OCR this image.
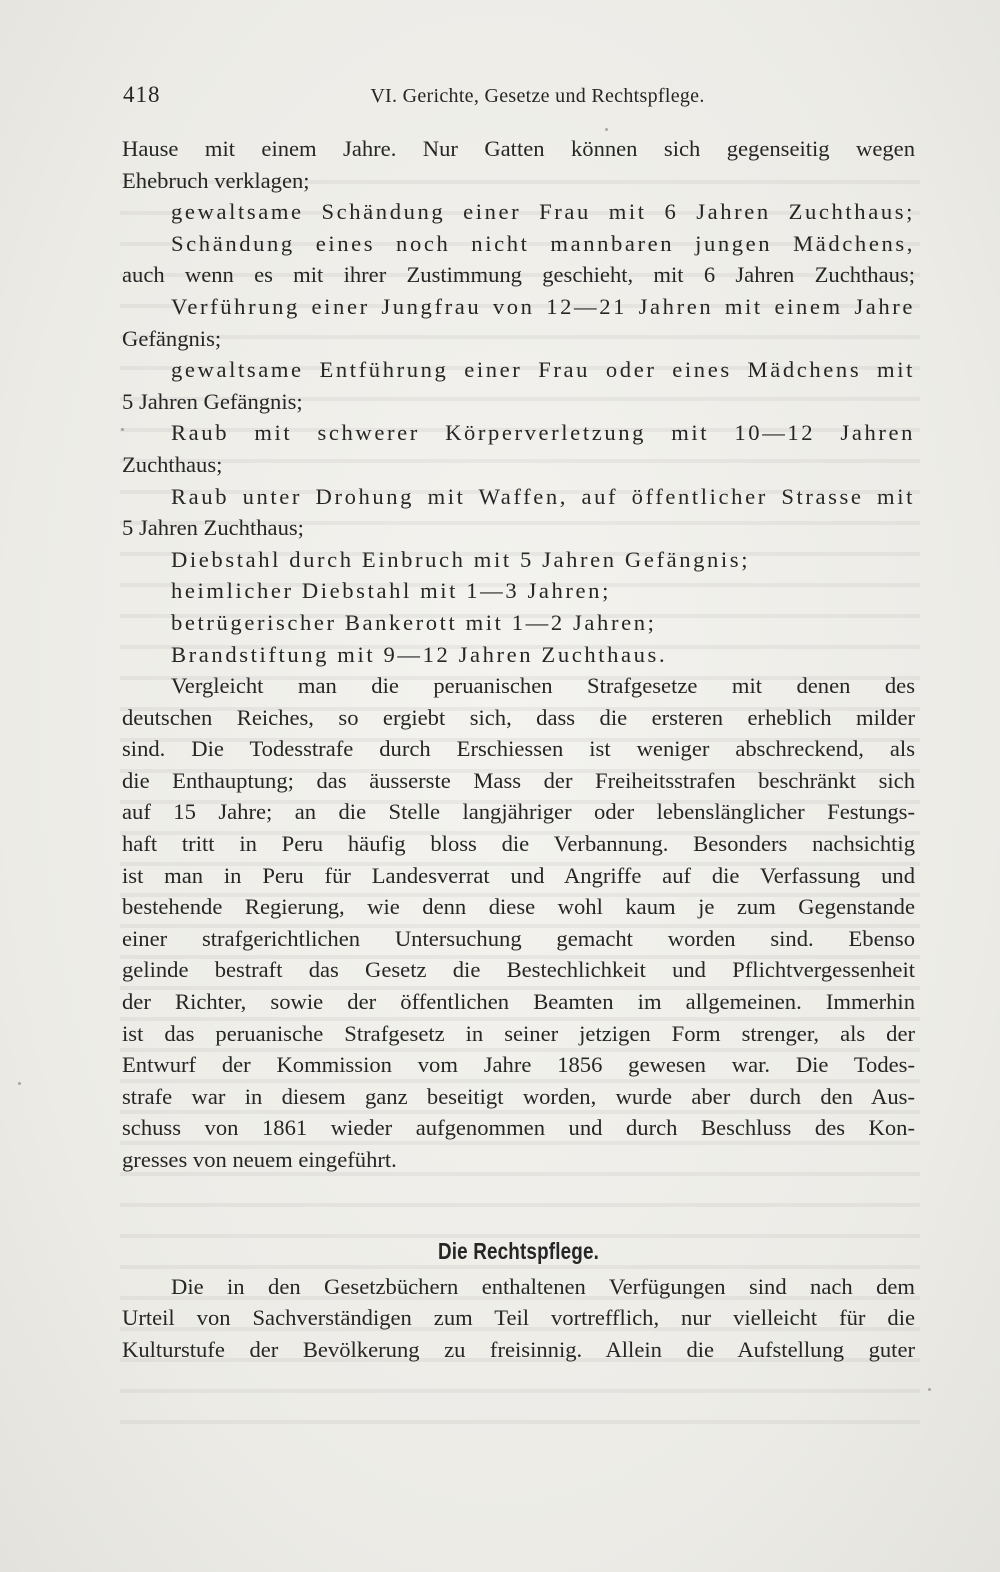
418	VI. Gerichte, Gesetze und Rechtspflege.
Hause mit einem Jahre. Nur Gatten können sich gegenseitig wegen
Ehebruch verklagen;
gewaltsame Schändung einer Frau mit 6 Jahren Zuchthaus;
Schändung eines noch nicht mannbaren jungen Mädchens,
auch wenn es mit ihrer Zustimmung geschieht, mit 6 Jahren Zuchthaus;
Verführung einer Jungfrau von 12—21 Jahren mit einem Jahre
Gefängnis;
gewaltsame Entführung einer Frau oder eines Mädchens mit
5 Jahren Gefängnis;
Raub mit schwerer Körperverletzung mit 10—12 Jahren
Zuchthaus;
Raub unter Drohung mit Waffen, auf öffentlicher Strasse mit
5 Jahren Zuchthaus;
Diebstahl durch Einbruch mit 5 Jahren Gefängnis;
heimlicher Diebstahl mit 1—3 Jahren;
betrügerischer Bankerott mit 1—2 Jahren;
Brandstiftung mit 9—12 Jahren Zuchthaus.
Vergleicht man die peruanischen Strafgesetze mit denen des
deutschen Reiches, so ergiebt sich, dass die ersteren erheblich milder
sind. Die Todesstrafe durch Erschiessen ist weniger abschreckend, als
die Enthauptung; das äusserste Mass der Freiheitsstrafen beschränkt sich
auf 15 Jahre; an die Stelle langjähriger oder lebenslänglicher Festungs-
haft tritt in Peru häufig bloss die Verbannung. Besonders nachsichtig
ist man in Peru für Landesverrat und Angriffe auf die Verfassung und
bestehende Regierung, wie denn diese wohl kaum je zum Gegenstande
einer strafgerichtlichen Untersuchung gemacht worden sind. Ebenso
gelinde bestraft das Gesetz die Bestechlichkeit und Pflichtvergessenheit
der Richter, sowie der öffentlichen Beamten im allgemeinen. Immerhin
ist das peruanische Strafgesetz in seiner jetzigen Form strenger, als der
Entwurf der Kommission vom Jahre 1856 gewesen war. Die Todes-
strafe war in diesem ganz beseitigt worden, wurde aber durch den Aus-
schuss von 1861 wieder aufgenommen und durch Beschluss des Kon-
gresses von neuem eingeführt.
Die Rechtspflege.
Die in den Gesetzbüchern enthaltenen Verfügungen sind nach dem
Urteil von Sachverständigen zum Teil vortrefflich, nur vielleicht für die
Kulturstufe der Bevölkerung zu freisinnig. Allein die Aufstellung guter
